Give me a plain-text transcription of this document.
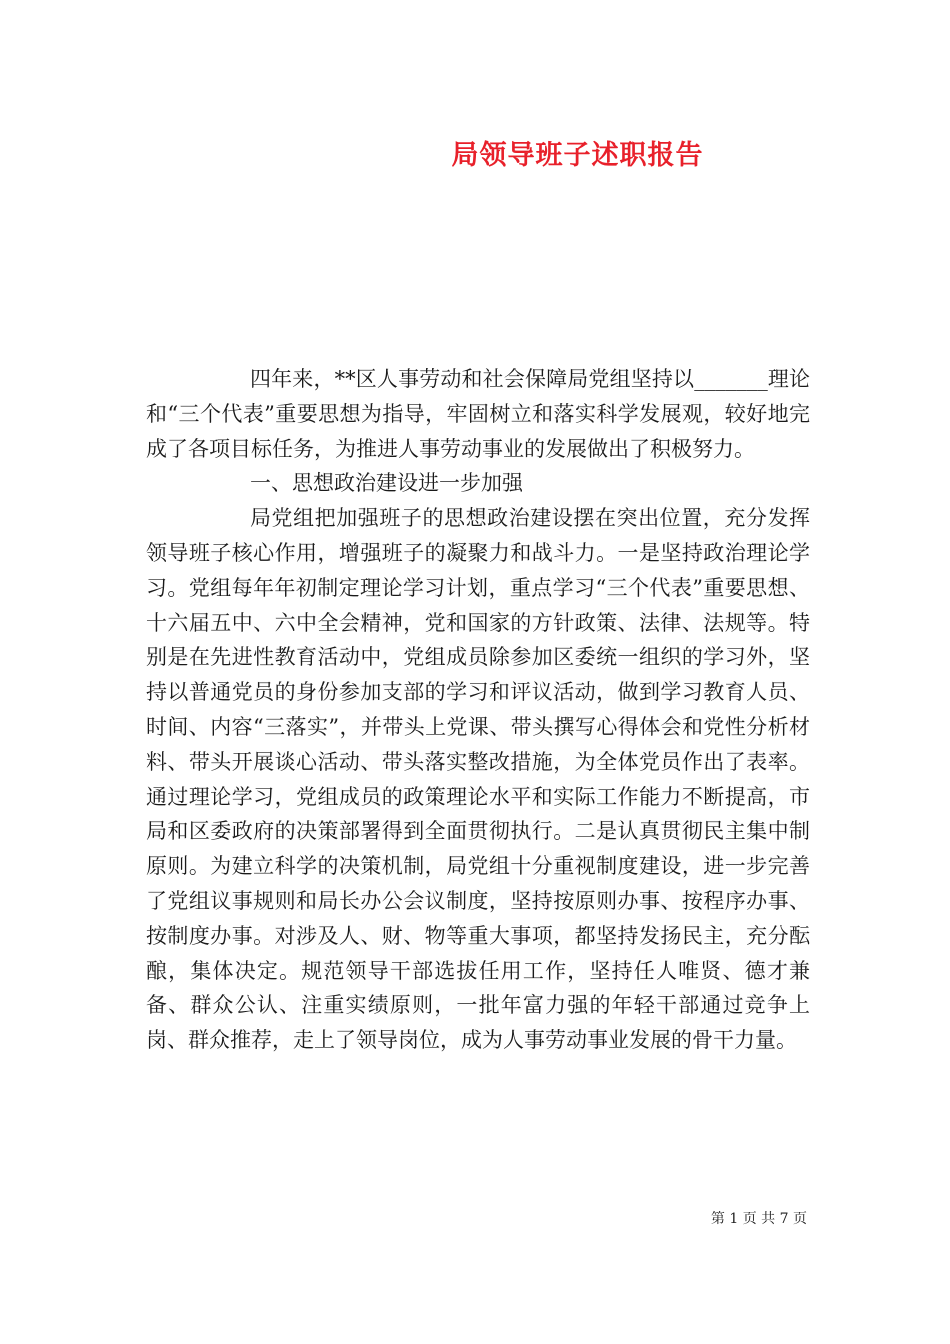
局领导班子述职报告

四年来，**区人事劳动和社会保障局党组坚持以_______理论和“三个代表”重要思想为指导，牢固树立和落实科学发展观，较好地完成了各项目标任务，为推进人事劳动事业的发展做出了积极努力。

一、思想政治建设进一步加强

局党组把加强班子的思想政治建设摆在突出位置，充分发挥领导班子核心作用，增强班子的凝聚力和战斗力。一是坚持政治理论学习。党组每年年初制定理论学习计划，重点学习“三个代表”重要思想、十六届五中、六中全会精神，党和国家的方针政策、法律、法规等。特别是在先进性教育活动中，党组成员除参加区委统一组织的学习外，坚持以普通党员的身份参加支部的学习和评议活动，做到学习教育人员、时间、内容“三落实”，并带头上党课、带头撰写心得体会和党性分析材料、带头开展谈心活动、带头落实整改措施，为全体党员作出了表率。通过理论学习，党组成员的政策理论水平和实际工作能力不断提高，市局和区委政府的决策部署得到全面贯彻执行。二是认真贯彻民主集中制原则。为建立科学的决策机制，局党组十分重视制度建设，进一步完善了党组议事规则和局长办公会议制度，坚持按原则办事、按程序办事、按制度办事。对涉及人、财、物等重大事项，都坚持发扬民主，充分酝酿，集体决定。规范领导干部选拔任用工作，坚持任人唯贤、德才兼备、群众公认、注重实绩原则，一批年富力强的年轻干部通过竞争上岗、群众推荐，走上了领导岗位，成为人事劳动事业发展的骨干力量。

第 1 页 共 7 页
